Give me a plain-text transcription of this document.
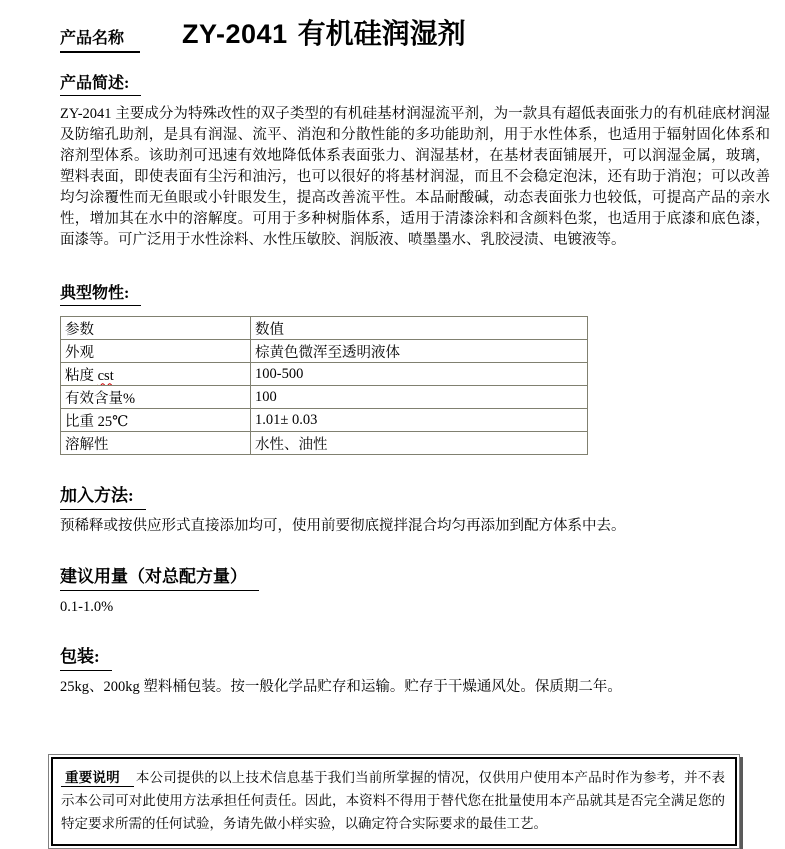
产品名称	ZY-2041 有机硅润湿剂
产品简述:
ZY-2041 主要成分为特殊改性的双子类型的有机硅基材润湿流平剂，为一款具有超低表面张力的有机硅底材润湿及防缩孔助剂，是具有润湿、流平、消泡和分散性能的多功能助剂，用于水性体系，也适用于辐射固化体系和溶剂型体系。该助剂可迅速有效地降低体系表面张力、润湿基材，在基材表面铺展开，可以润湿金属，玻璃，塑料表面，即使表面有尘污和油污，也可以很好的将基材润湿，而且不会稳定泡沫，还有助于消泡；可以改善均匀涂覆性而无鱼眼或小针眼发生，提高改善流平性。本品耐酸碱，动态表面张力也较低，可提高产品的亲水性，增加其在水中的溶解度。可用于多种树脂体系，适用于清漆涂料和含颜料色浆，也适用于底漆和底色漆，面漆等。可广泛用于水性涂料、水性压敏胶、润版液、喷墨墨水、乳胶浸渍、电镀液等。
典型物性:
参数	数值
外观	棕黄色微浑至透明液体
粘度 cst	100-500
有效含量%	100
比重 25℃	1.01± 0.03
溶解性	水性、油性
加入方法:
预稀释或按供应形式直接添加均可，使用前要彻底搅拌混合均匀再添加到配方体系中去。
建议用量（对总配方量）
0.1-1.0%
包装:
25kg、200kg 塑料桶包装。按一般化学品贮存和运输。贮存于干燥通风处。保质期二年。

重要说明 本公司提供的以上技术信息基于我们当前所掌握的情况，仅供用户使用本产品时作为参考，并不表示本公司可对此使用方法承担任何责任。因此，本资料不得用于替代您在批量使用本产品就其是否完全满足您的特定要求所需的任何试验，务请先做小样实验，以确定符合实际要求的最佳工艺。
